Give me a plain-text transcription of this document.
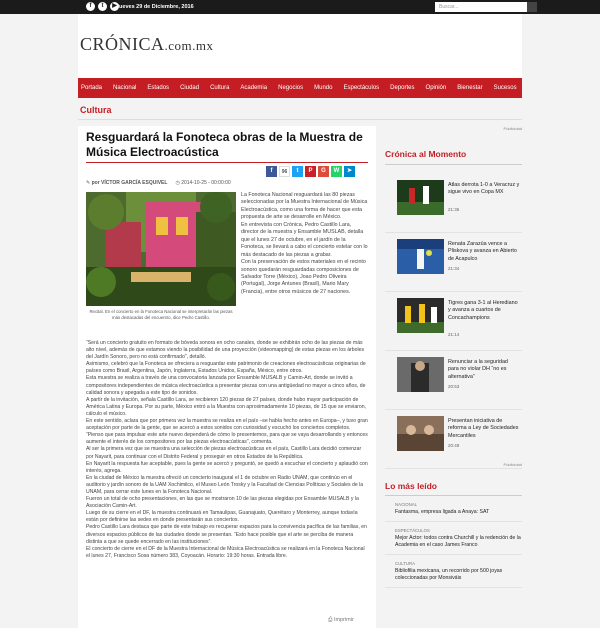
f	t	▶ Jueves 29 de Diciembre, 2016	Buscar...
CRÓNICA.com.mx
Portada	Nacional	Estados	Ciudad	Cultura	Academia	Negocios	Mundo	Espectáculos	Deportes	Opinión	Bienestar	Sucesos
Cultura
Resguardará la Fonoteca obras de la Muestra de Música Electroacústica
f	96	t	P	G	W	➤
✎ por VÍCTOR GARCÍA ESQUIVEL ◷ 2014-10-25 - 00:00:00
Recital. En el concierto en la Fonoteca Nacional se interpretarán las piezas más destacadas del encuentro, dice Pedro Castillo.

La Fonoteca Nacional resguardará las 80 piezas seleccionadas por la Muestra Internacional de Música Electroacústica, como una forma de hacer que esta propuesta de arte se desarrolle en México.

En entrevista con Crónica, Pedro Castillo Lara, director de la muestra y Ensamble MUSLAB, detalla que el lunes 27 de octubre, en el jardín de la Fonoteca, se llevará a cabo el concierto estelar con lo más destacado de las piezas a grabar.

Con la preservación de estos materiales en el recinto sonoro quedarán resguardadas composiciones de Salvador Torre (México), Joao Pedro Oliveira (Portugal), Jorge Antunes (Brasil), Mario Mary (Francia), entre otros músicos de 27 naciones.

“Será un concierto gratuito en formato de bóveda sonora en ocho canales, donde se exhibirán ocho de las piezas de más alto nivel, además de que estamos viendo la posibilidad de una proyección (videomapping) de estas piezas en los árboles del Jardín Sonoro, pero no está confirmado”, detalló.

Asimismo, celebró que la Fonoteca se ofreciera a resguardar este patrimonio de creaciones electroacústicas originarias de países como Brasil, Argentina, Japón, Inglaterra, Estados Unidos, España, México, entre otros.

Esta muestra se realiza a través de una convocatoria lanzada por Ensamble MUSALB y Camin-Art, donde se invitó a compositores independientes de música electroacústica a presentar piezas con una antigüedad no mayor a cinco años, de calidad sonora y apegada a este tipo de sonidos.

A partir de la invitación, señala Castillo Lara, se recibieron 120 piezas de 27 países, donde hubo mayor participación de América Latina y Europa. Por su parte, México entró a la Muestra con aproximadamente 10 piezas, de 15 que se enviaron, cálculo el músico.

En este sentido, aclara que por primera vez la muestra se realiza en el país –se había hecho antes en Europa–, y tuvo gran aceptación por parte de la gente, que se acercó a estos sonidos con curiosidad y escuchó los conciertos completos.

“Pienso que para impulsar este arte nuevo dependerá de cómo lo presentemos, para que se vaya desarrollando y entonces aumente el interés de los compositores por las piezas electroacústicas”, comenta.

Al ser la primera vez que se muestra una selección de piezas electroacústicas en el país, Castillo Lara decidió comenzar por Nayarit, para continuar con el Distrito Federal y proseguir en otros Estados de la República.

En Nayarit la respuesta fue aceptable, pues la gente se acercó y preguntó, se quedó a escuchar el concierto y aplaudió con interés, agrega.

En la ciudad de México la muestra ofreció un concierto inaugural el 1 de octubre en Radio UNAM, que continúo en el auditorio y jardín sonoro de la UAM Xochimilco, el Museo León Trosky y la Facultad de Ciencias Políticas y Sociales de la UNAM, para cerrar este lunes en la Fonoteca Nacional.

Fueron un total de ocho presentaciones, en las que se mostraron 10 de las piezas elegidas por Ensamble MUSALB y la Asociación Camin-Art.

Luego de su cierre en el DF, la muestra continuará en Tamaulipas, Guanajuato, Querétaro y Monterrey, aunque todavía están por definirse las sedes en donde presentarán sus conciertos.

Pedro Castillo Lara destaca que parte de este trabajo es recuperar espacios para la convivencia pacífica de las familias, en diversos espacios públicos de las ciudades donde se presentan. “Esto hace posible que el arte se perciba de manera distinta a que se quede encerrado en las instituciones”.

El concierto de cierre en el DF de la Muestra Internacional de Música Electroacústica se realizará en la Fonoteca Nacional el lunes 27, Francisco Sosa número 383, Coyoacán. Horario: 19:30 horas. Entrada libre.

⎙ Imprimir
Publicidad
Crónica al Momento
Atlas derrota 1-0 a Veracruz y sigue vivo en Copa MX
21:36
Renata Zarazúa vence a Pliskova y avanza en Abierto de Acapulco
21:34
Tigres gana 3-1 al Herediano y avanza a cuartos de Concachampions
21:14
Renunciar a la seguridad para no violar DH “no es alternativa”
20:53
Presentan iniciativa de reforma a Ley de Sociedades Mercantiles
20:49
Publicidad
Lo más leído
NACIONAL
Fantasma, empresa ligada a Anaya: SAT
ESPECTÁCULOS
Mejor Actor: todos contra Churchill y la redención de la Academia en el caso James Franco
CULTURA
Bibliofilia mexicana, un recorrido por 500 joyas coleccionadas por Monsiváis
